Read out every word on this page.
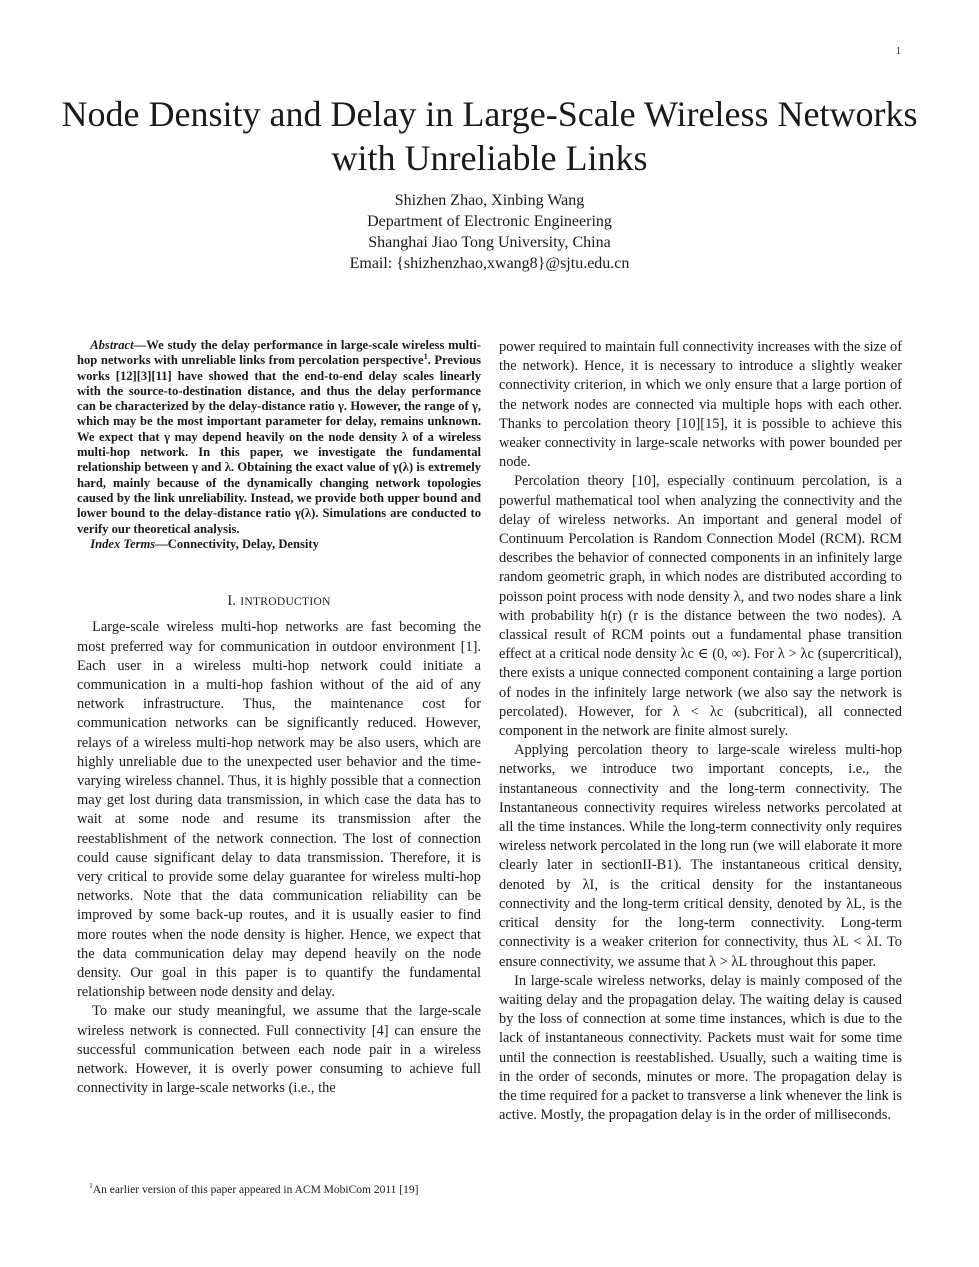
1
Node Density and Delay in Large-Scale Wireless Networks with Unreliable Links
Shizhen Zhao, Xinbing Wang
Department of Electronic Engineering
Shanghai Jiao Tong University, China
Email: {shizhenzhao,xwang8}@sjtu.edu.cn

Abstract—We study the delay performance in large-scale wireless multi-hop networks with unreliable links from percolation perspective$^1$. Previous works [12][3][11] have showed that the end-to-end delay scales linearly with the source-to-destination distance, and thus the delay performance can be characterized by the delay-distance ratio γ. However, the range of γ, which may be the most important parameter for delay, remains unknown. We expect that γ may depend heavily on the node density λ of a wireless multi-hop network. In this paper, we investigate the fundamental relationship between γ and λ. Obtaining the exact value of γ(λ) is extremely hard, mainly because of the dynamically changing network topologies caused by the link unreliability. Instead, we provide both upper bound and lower bound to the delay-distance ratio γ(λ). Simulations are conducted to verify our theoretical analysis.

Index Terms—Connectivity, Delay, Density

I. INTRODUCTION

Large-scale wireless multi-hop networks are fast becoming the most preferred way for communication in outdoor environment [1]. Each user in a wireless multi-hop network could initiate a communication in a multi-hop fashion without of the aid of any network infrastructure. Thus, the maintenance cost for communication networks can be significantly reduced. However, relays of a wireless multi-hop network may be also users, which are highly unreliable due to the unexpected user behavior and the time-varying wireless channel. Thus, it is highly possible that a connection may get lost during data transmission, in which case the data has to wait at some node and resume its transmission after the reestablishment of the network connection. The lost of connection could cause significant delay to data transmission. Therefore, it is very critical to provide some delay guarantee for wireless multi-hop networks. Note that the data communication reliability can be improved by some back-up routes, and it is usually easier to find more routes when the node density is higher. Hence, we expect that the data communication delay may depend heavily on the node density. Our goal in this paper is to quantify the fundamental relationship between node density and delay.

To make our study meaningful, we assume that the large-scale wireless network is connected. Full connectivity [4] can ensure the successful communication between each node pair in a wireless network. However, it is overly power consuming to achieve full connectivity in large-scale networks (i.e., the

$^1$An earlier version of this paper appeared in ACM MobiCom 2011 [19]

power required to maintain full connectivity increases with the size of the network). Hence, it is necessary to introduce a slightly weaker connectivity criterion, in which we only ensure that a large portion of the network nodes are connected via multiple hops with each other. Thanks to percolation theory [10][15], it is possible to achieve this weaker connectivity in large-scale networks with power bounded per node.

Percolation theory [10], especially continuum percolation, is a powerful mathematical tool when analyzing the connectivity and the delay of wireless networks. An important and general model of Continuum Percolation is Random Connection Model (RCM). RCM describes the behavior of connected components in an infinitely large random geometric graph, in which nodes are distributed according to poisson point process with node density λ, and two nodes share a link with probability h(r) (r is the distance between the two nodes). A classical result of RCM points out a fundamental phase transition effect at a critical node density λc ∈ (0, ∞). For λ > λc (supercritical), there exists a unique connected component containing a large portion of nodes in the infinitely large network (we also say the network is percolated). However, for λ < λc (subcritical), all connected component in the network are finite almost surely.

Applying percolation theory to large-scale wireless multi-hop networks, we introduce two important concepts, i.e., the instantaneous connectivity and the long-term connectivity. The Instantaneous connectivity requires wireless networks percolated at all the time instances. While the long-term connectivity only requires wireless network percolated in the long run (we will elaborate it more clearly later in sectionII-B1). The instantaneous critical density, denoted by λI, is the critical density for the instantaneous connectivity and the long-term critical density, denoted by λL, is the critical density for the long-term connectivity. Long-term connectivity is a weaker criterion for connectivity, thus λL < λI. To ensure connectivity, we assume that λ > λL throughout this paper.

In large-scale wireless networks, delay is mainly composed of the waiting delay and the propagation delay. The waiting delay is caused by the loss of connection at some time instances, which is due to the lack of instantaneous connectivity. Packets must wait for some time until the connection is reestablished. Usually, such a waiting time is in the order of seconds, minutes or more. The propagation delay is the time required for a packet to transverse a link whenever the link is active. Mostly, the propagation delay is in the order of milliseconds.
